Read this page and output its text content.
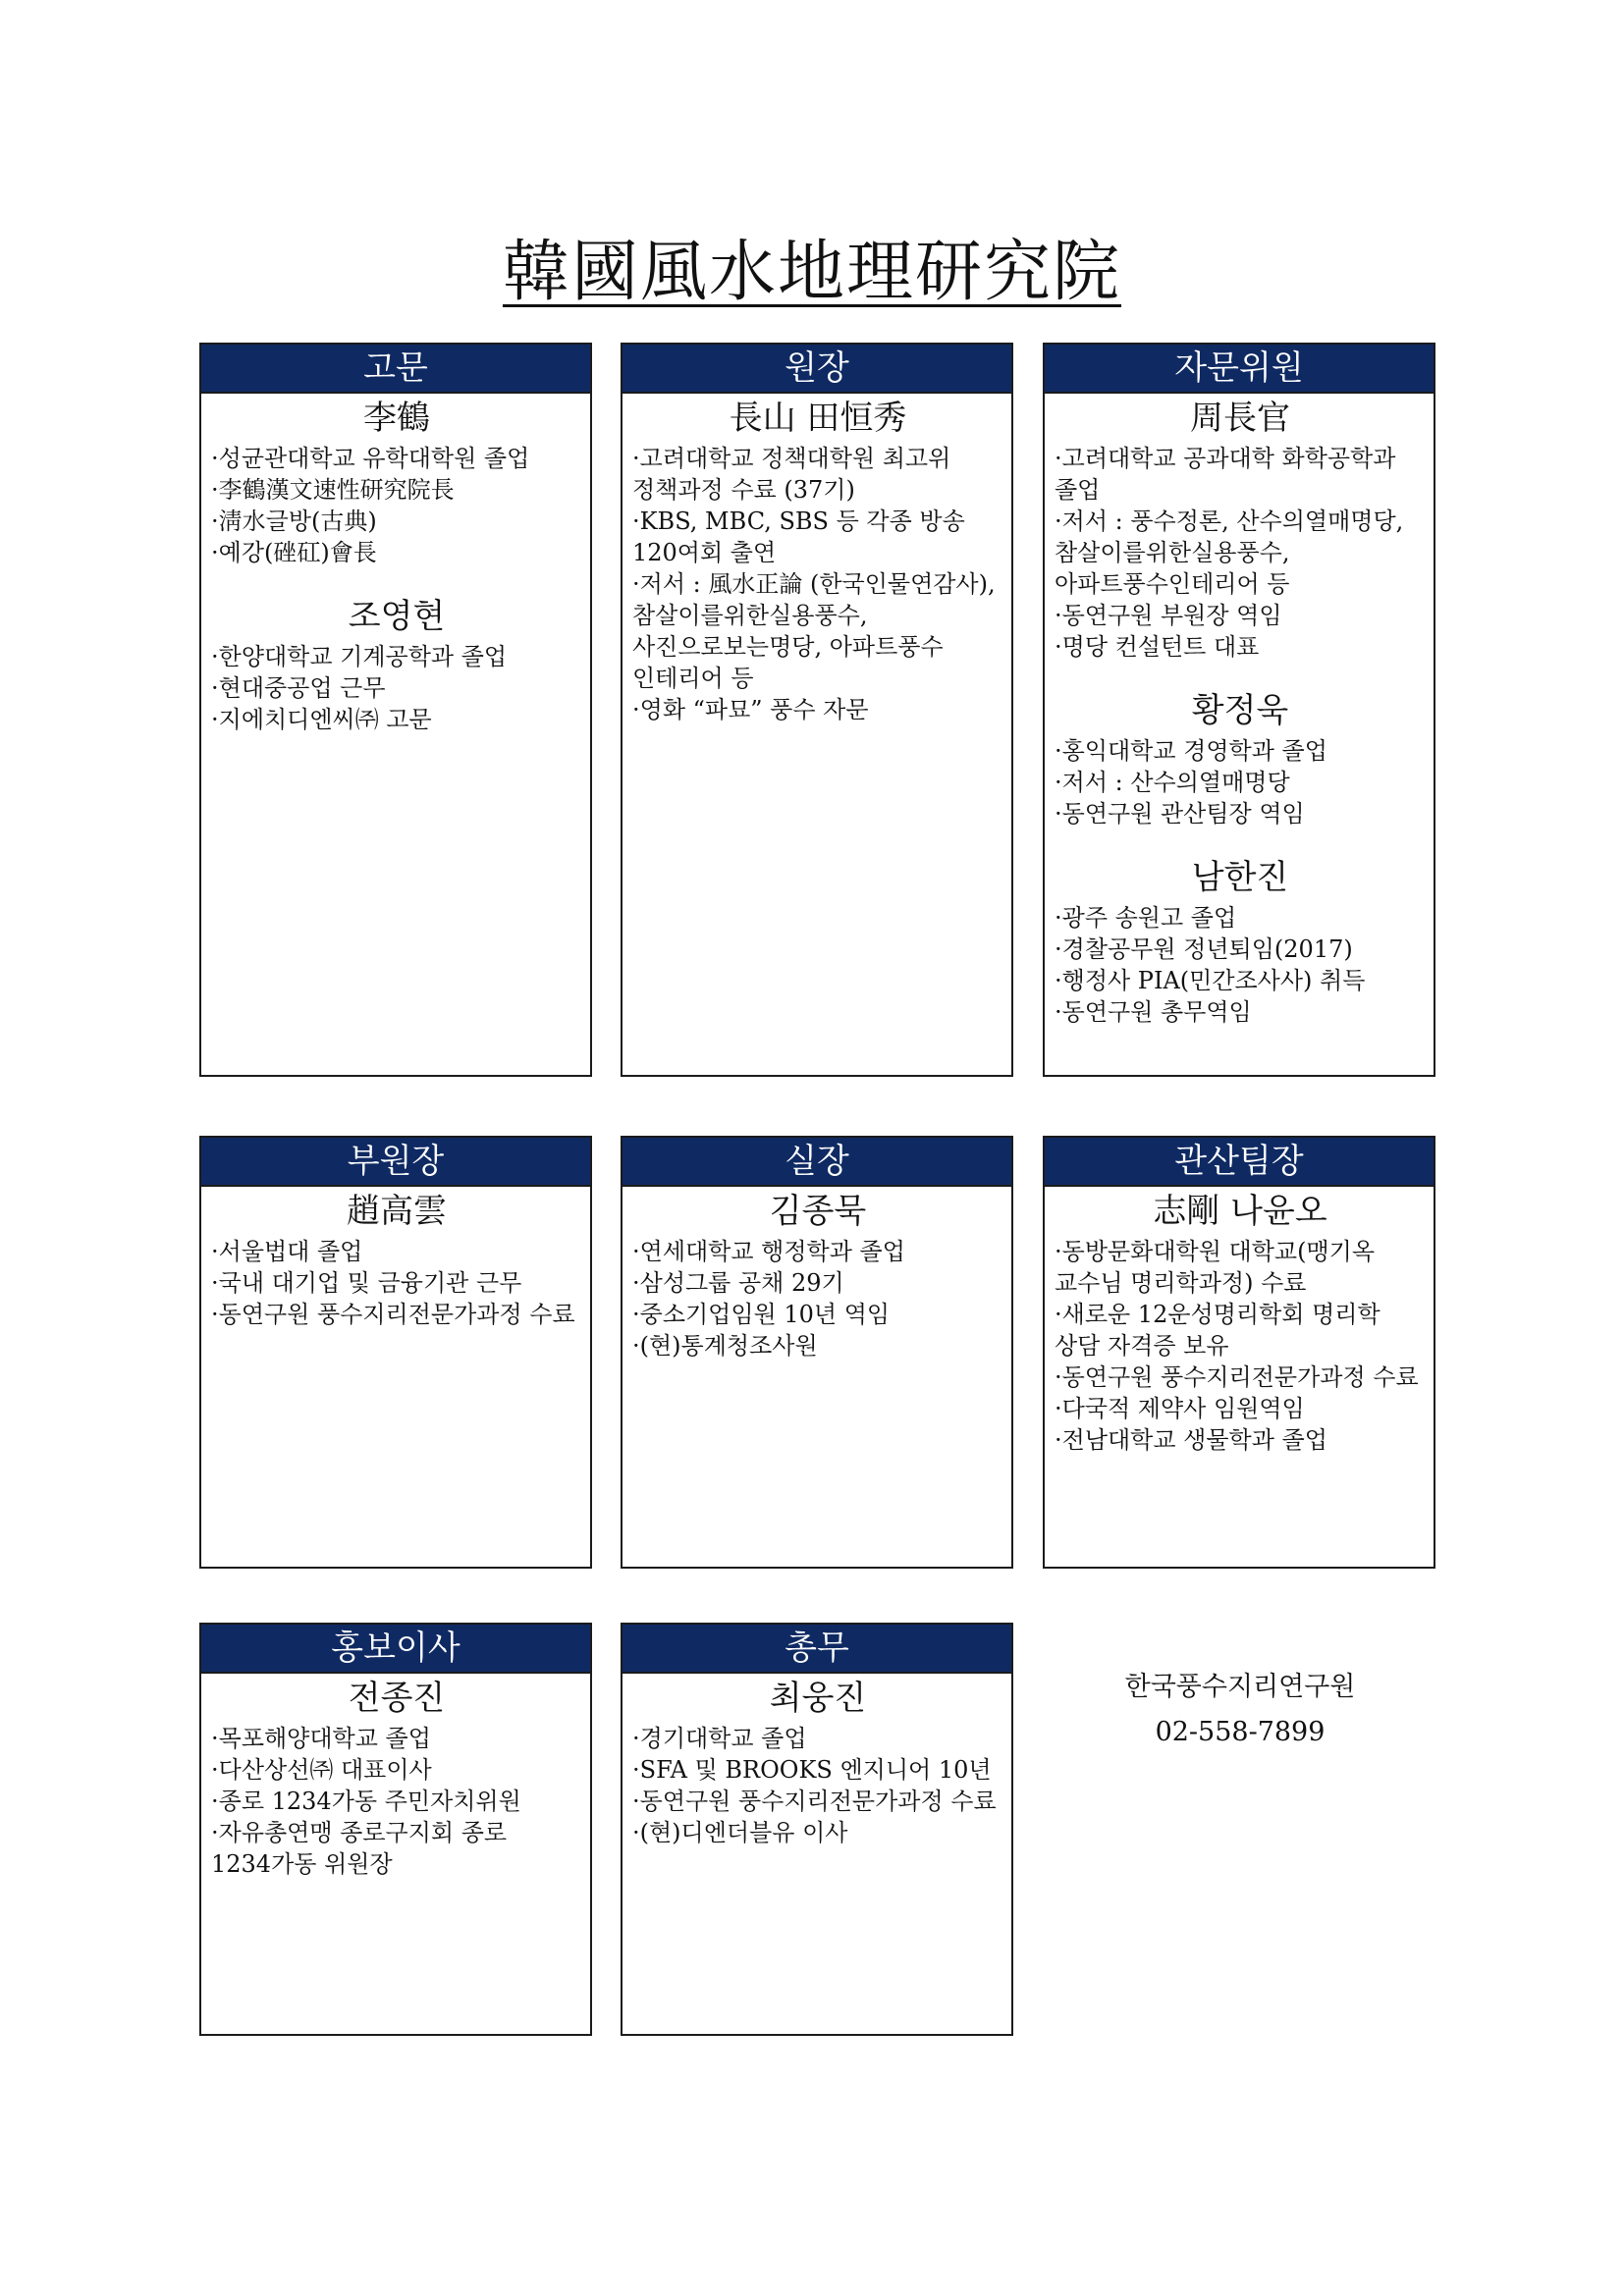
韓國風水地理研究院
고문
李鶴
·성균관대학교 유학대학원 졸업
·李鶴漢文速性研究院長
·淸水글방(古典)
·예강(䂳矼)會長
조영현
·한양대학교 기계공학과 졸업
·현대중공업 근무
·지에치디엔씨㈜ 고문
원장
長山 田恒秀
·고려대학교 정책대학원 최고위 정책과정 수료 (37기)
·KBS, MBC, SBS 등 각종 방송 120여회 출연
·저서 : 風水正論 (한국인물연감사), 참살이를위한실용풍수, 사진으로보는명당, 아파트풍수 인테리어 등
·영화 “파묘” 풍수 자문
자문위원
周長官
·고려대학교 공과대학 화학공학과 졸업
·저서 : 풍수정론, 산수의열매명당, 참살이를위한실용풍수, 아파트풍수인테리어 등
·동연구원 부원장 역임
·명당 컨설턴트 대표
황정욱
·홍익대학교 경영학과 졸업
·저서 : 산수의열매명당
·동연구원 관산팀장 역임
남한진
·광주 송원고 졸업
·경찰공무원 정년퇴임(2017)
·행정사 PIA(민간조사사) 취득
·동연구원 총무역임
부원장
趙高雲
·서울법대 졸업
·국내 대기업 및 금융기관 근무
·동연구원 풍수지리전문가과정 수료
실장
김종묵
·연세대학교 행정학과 졸업
·삼성그룹 공채 29기
·중소기업임원 10년 역임
·(현)통계청조사원
관산팀장
志剛 나윤오
·동방문화대학원 대학교(맹기옥 교수님 명리학과정) 수료
·새로운 12운성명리학회 명리학 상담 자격증 보유
·동연구원 풍수지리전문가과정 수료
·다국적 제약사 임원역임
·전남대학교 생물학과 졸업
홍보이사
전종진
·목포해양대학교 졸업
·다산상선㈜ 대표이사
·종로 1234가동 주민자치위원
·자유총연맹 종로구지회 종로 1234가동 위원장
총무
최웅진
·경기대학교 졸업
·SFA 및 BROOKS 엔지니어 10년
·동연구원 풍수지리전문가과정 수료
·(현)디엔더블유 이사
한국풍수지리연구원
02-558-7899
